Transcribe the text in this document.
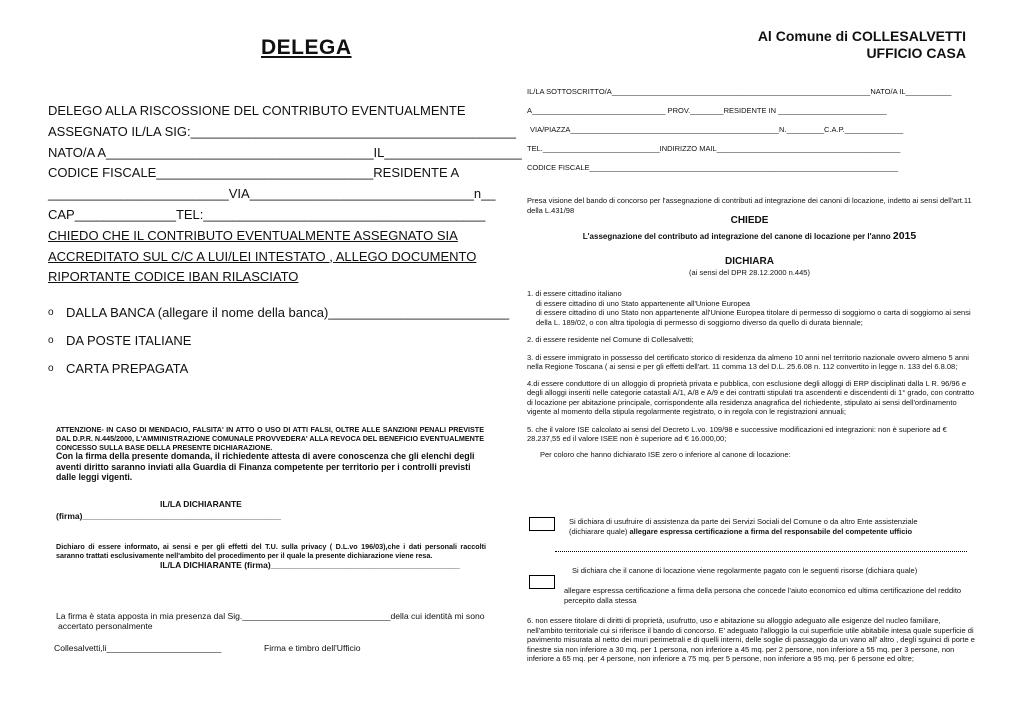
DELEGA	Al Comune di COLLESALVETTI
UFFICIO CASA
DELEGO ALLA RISCOSSIONE DEL CONTRIBUTO EVENTUALMENTE
ASSEGNATO IL/LA SIG:_____________________________________________
NATO/A A_____________________________________IL___________________
CODICE FISCALE______________________________RESIDENTE A
_________________________VIA_______________________________n__
CAP______________TEL:_______________________________________
CHIEDO CHE IL CONTRIBUTO EVENTUALMENTE ASSEGNATO SIA
ACCREDITATO SUL C/C A LUI/LEI INTESTATO , ALLEGO DOCUMENTO
RIPORTANTE CODICE IBAN RILASCIATO
o DALLA BANCA (allegare il nome della banca)_________________________
o DA POSTE ITALIANE
o CARTA PREPAGATA
ATTENZIONE- IN CASO DI MENDACIO, FALSITA' IN ATTO O USO DI ATTI FALSI, OLTRE ALLE SANZIONI PENALI PREVISTE DAL D.P.R. N.445/2000, L'AMMINISTRAZIONE COMUNALE PROVVEDERA' ALLA REVOCA DEL BENEFICIO EVENTUALMENTE CONCESSO SULLA BASE DELLA PRESENTE DICHIARAZIONE.
Con la firma della presente domanda, il richiedente attesta di avere conoscenza che gli elenchi degli aventi diritto saranno inviati alla Guardia di Finanza competente per territorio per i controlli previsti dalle leggi vigenti.
IL/LA DICHIARANTE
(firma)__________________________________________
Dichiaro di essere informato, ai sensi e per gli effetti del T.U. sulla privacy ( D.L.vo 196/03),che i dati personali raccolti saranno trattati esclusivamente nell'ambito del procedimento per il quale la presente dichiarazione viene resa.
IL/LA DICHIARANTE (firma)________________________________________
La firma è stata apposta in mia presenza dal Sig._______________________________della cui identità mi sono
accertato personalmente
Collesalvetti,li________________________	Firma e timbro dell'Ufficio
IL/LA SOTTOSCRITTO/A______________________________________________________________NATO/A IL___________
A________________________________ PROV.________RESIDENTE IN __________________________
VIA/PIAZZA__________________________________________________N._________C.A.P.______________
TEL.____________________________INDIRIZZO MAIL____________________________________________
CODICE FISCALE__________________________________________________________________________
Presa visione del bando di concorso per l'assegnazione di contributi ad integrazione dei canoni di locazione, indetto ai sensi dell'art.11 della L.431/98
CHIEDE
L'assegnazione del contributo ad integrazione del canone di locazione per l'anno 2015
DICHIARA
(ai sensi del DPR 28.12.2000 n.445)

1. di essere cittadino italiano

di essere cittadino di uno Stato appartenente all'Unione Europea

di essere cittadino di uno Stato non appartenente all'Unione Europea titolare di permesso di soggiorno o carta di soggiorno ai sensi della L. 189/02, o con altra tipologia di permesso di soggiorno diverso da quello di durata biennale;

2. di essere residente nel Comune di Collesalvetti;

3. di essere immigrato in possesso del certificato storico di residenza da almeno 10 anni nel territorio nazionale ovvero almeno 5 anni nella Regione Toscana ( ai sensi e per gli effetti dell'art. 11 comma 13 del D.L. 25.6.08 n. 112 convertito in legge n. 133 del 6.8.08;

4.di essere conduttore di un alloggio di proprietà privata e pubblica, con esclusione degli alloggi di ERP disciplinati dalla L R. 96/96 e degli alloggi inseriti nelle categorie catastali A/1, A/8 e A/9 e dei contratti stipulati tra ascendenti e discendenti di 1° grado, con contratto di locazione per abitazione principale, corrispondente alla residenza anagrafica del richiedente, stipulato ai sensi dell'ordinamento vigente al momento della stipula regolarmente registrato, o in regola con le registrazioni annuali;

5. che il valore ISE calcolato ai sensi del Decreto L.vo. 109/98 e successive modificazioni ed integrazioni: non è superiore ad € 28.237,55 ed il valore ISEE non è superiore ad € 16.000,00;

Per coloro che hanno dichiarato ISE zero o inferiore al canone di locazione:

Si dichiara di usufruire di assistenza da parte dei Servizi Sociali del Comune o da altro Ente assistenziale

(dichiarare quale) allegare espressa certificazione a firma del responsabile del competente ufficio

Si dichiara che il canone di locazione viene regolarmente pagato con le seguenti risorse (dichiara quale)
allegare espressa certificazione a firma della persona che concede l'aiuto economico ed ultima certificazione del reddito percepito dalla stessa
6. non essere titolare di diritti di proprietà, usufrutto, uso e abitazione su alloggio adeguato alle esigenze del nucleo familiare, nell'ambito territoriale cui si riferisce il bando di concorso. E' adeguato l'alloggio la cui superficie utile abitabile intesa quale superficie di pavimento misurata al netto dei muri perimetrali e di quelli interni, delle soglie di passaggio da un vano all' altro , degli sguinci di porte e finestre sia non inferiore a 30 mq. per 1 persona, non inferiore a 45 mq. per 2 persone, non inferiore a 55 mq. per 3 persone, non inferiore a 65 mq. per 4 persone, non inferiore a 75 mq. per 5 persone, non inferiore a 95 mq. per 6 persone ed oltre;
